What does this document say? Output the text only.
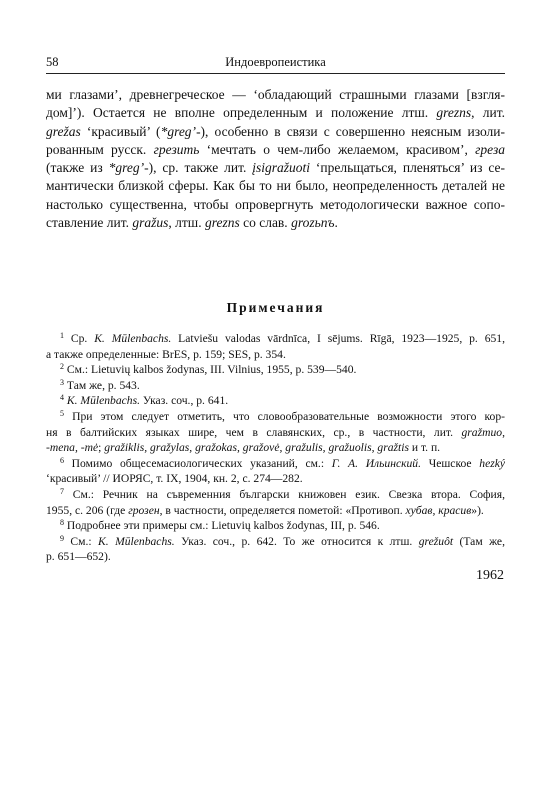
58	Индоевропеистика
ми глазами’, древнегреческое — ‘обладающий страшными глазами [взгля-
дом]’). Остается не вполне определенным и положение лтш. grezns, лит.
grežas ‘красивый’ (*greg’-), особенно в связи с совершенно неясным изоли-
рованным русск. грезить ‘мечтать о чем-либо желаемом, красивом’, греза
(также из *greg’-), ср. также лит. įsigražuoti ‘прельщаться, пленяться’ из се-
мантически близкой сферы. Как бы то ни было, неопределенность деталей не
настолько существенна, чтобы опровергнуть методологически важное сопо-
ставление лит. gražus, лтш. grezns со слав. grozьnъ.
Примечания
$^1$ Ср. K. Mūlenbachs. Latviešu valodas vārdnīca, I sējums. Rīgā, 1923—1925, p. 651,
а также определенные: BrES, p. 159; SES, p. 354.
$^2$ См.: Lietuvių kalbos žodynas, III. Vilnius, 1955, p. 539—540.
$^3$ Там же, p. 543.
$^4$ K. Mūlenbachs. Указ. соч., p. 641.
$^5$ При этом следует отметить, что словообразовательные возможности этого кор-
ня в балтийских языках шире, чем в славянских, ср., в частности, лит. gražmuo,
-mena, -mė; gražiklis, gražylas, gražokas, gražovė, gražulis, gražuolis, gražtis и т. п.
$^6$ Помимо общесемасиологических указаний, см.: Г. А. Ильинский. Чешское hezký
‘красивый’ // ИОРЯС, т. IX, 1904, кн. 2, с. 274—282.
$^7$ См.: Речник на съвременния български книжовен език. Свезка втора. София,
1955, с. 206 (где грозен, в частности, определяется пометой: «Противоп. хубав, красив»).
$^8$ Подробнее эти примеры см.: Lietuvių kalbos žodynas, III, p. 546.
$^9$ См.: K. Mūlenbachs. Указ. соч., p. 642. То же относится к лтш. grežuôt (Там же,
p. 651—652).
1962
